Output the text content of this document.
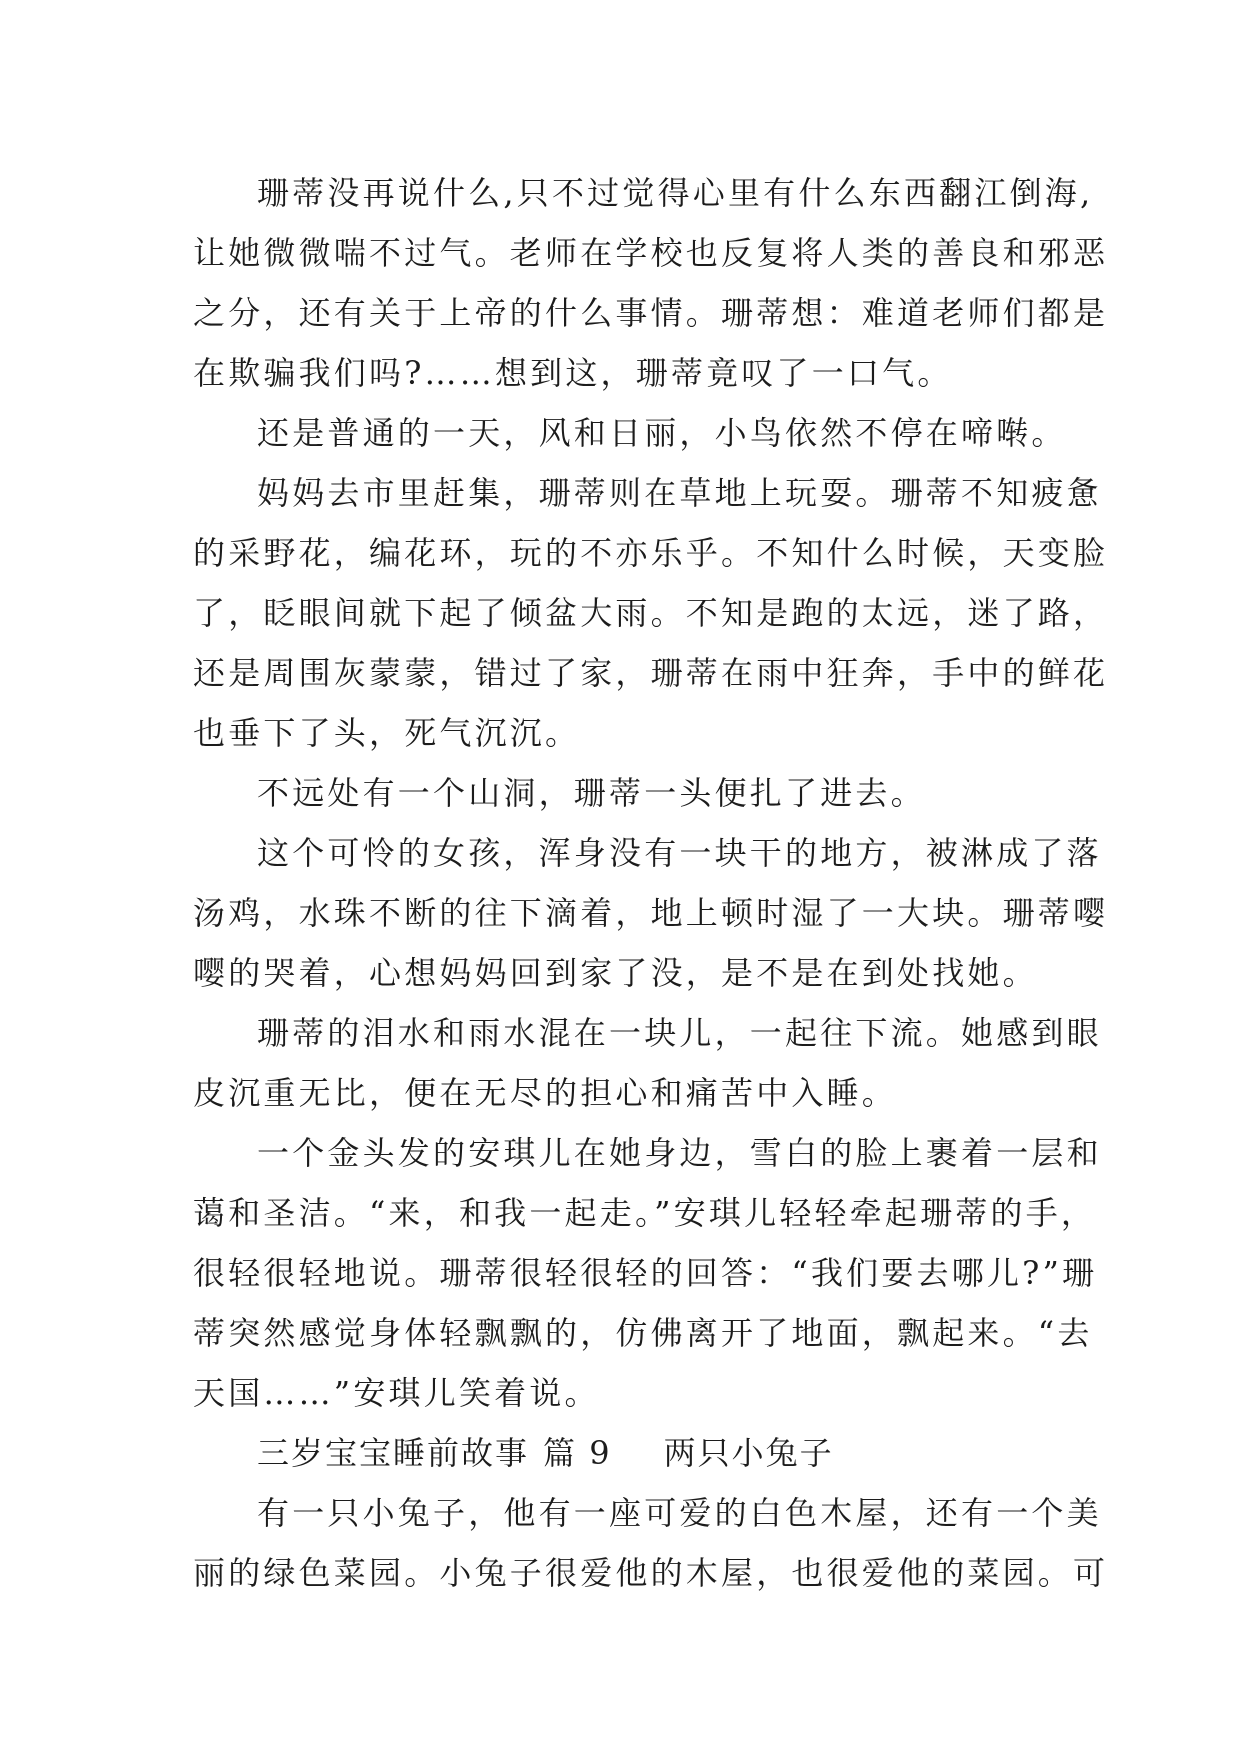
珊蒂没再说什么,只不过觉得心里有什么东西翻江倒海,
让她微微喘不过气。老师在学校也反复将人类的善良和邪恶
之分，还有关于上帝的什么事情。珊蒂想：难道老师们都是
在欺骗我们吗?……想到这，珊蒂竟叹了一口气。
还是普通的一天，风和日丽，小鸟依然不停在啼啭。
妈妈去市里赶集，珊蒂则在草地上玩耍。珊蒂不知疲惫
的采野花，编花环，玩的不亦乐乎。不知什么时候，天变脸
了，眨眼间就下起了倾盆大雨。不知是跑的太远，迷了路，
还是周围灰蒙蒙，错过了家，珊蒂在雨中狂奔，手中的鲜花
也垂下了头，死气沉沉。
不远处有一个山洞，珊蒂一头便扎了进去。
这个可怜的女孩，浑身没有一块干的地方，被淋成了落
汤鸡，水珠不断的往下滴着，地上顿时湿了一大块。珊蒂嘤
嘤的哭着，心想妈妈回到家了没，是不是在到处找她。
珊蒂的泪水和雨水混在一块儿，一起往下流。她感到眼
皮沉重无比，便在无尽的担心和痛苦中入睡。
一个金头发的安琪儿在她身边，雪白的脸上裹着一层和
蔼和圣洁。“来，和我一起走。”安琪儿轻轻牵起珊蒂的手，
很轻很轻地说。珊蒂很轻很轻的回答：“我们要去哪儿?”珊
蒂突然感觉身体轻飘飘的，仿佛离开了地面，飘起来。“去
天国……”安琪儿笑着说。
三岁宝宝睡前故事 篇 9 两只小兔子
有一只小兔子，他有一座可爱的白色木屋，还有一个美
丽的绿色菜园。小兔子很爱他的木屋，也很爱他的菜园。可
